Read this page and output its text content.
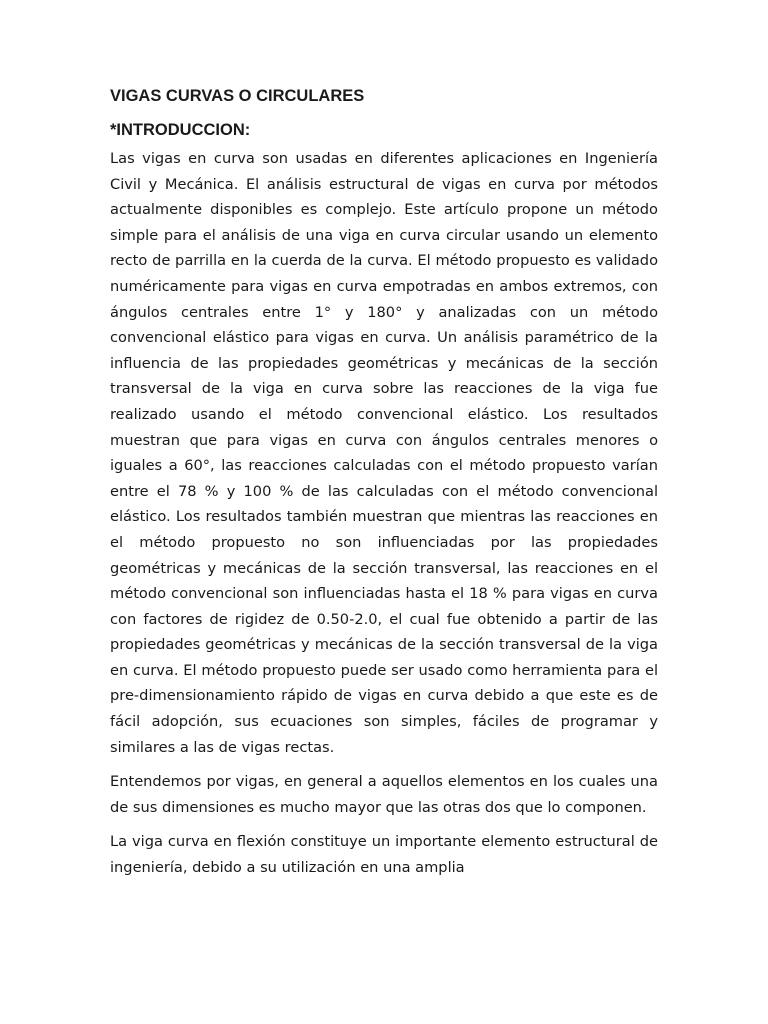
VIGAS CURVAS O CIRCULARES
*INTRODUCCION:

Las vigas en curva son usadas en diferentes aplicaciones en Ingeniería Civil y Mecánica. El análisis estructural de vigas en curva por métodos actualmente disponibles es complejo. Este artículo propone un método simple para el análisis de una viga en curva circular usando un elemento recto de parrilla en la cuerda de la curva. El método propuesto es validado numéricamente para vigas en curva empotradas en ambos extremos, con ángulos centrales entre 1° y 180° y analizadas con un método convencional elástico para vigas en curva. Un análisis paramétrico de la influencia de las propiedades geométricas y mecánicas de la sección transversal de la viga en curva sobre las reacciones de la viga fue realizado usando el método convencional elástico. Los resultados muestran que para vigas en curva con ángulos centrales menores o iguales a 60°, las reacciones calculadas con el método propuesto varían entre el 78 % y 100 % de las calculadas con el método convencional elástico. Los resultados también muestran que mientras las reacciones en el método propuesto no son influenciadas por las propiedades geométricas y mecánicas de la sección transversal, las reacciones en el método convencional son influenciadas hasta el 18 % para vigas en curva con factores de rigidez de 0.50-2.0, el cual fue obtenido a partir de las propiedades geométricas y mecánicas de la sección transversal de la viga en curva. El método propuesto puede ser usado como herramienta para el pre-dimensionamiento rápido de vigas en curva debido a que este es de fácil adopción, sus ecuaciones son simples, fáciles de programar y similares a las de vigas rectas.

Entendemos por vigas, en general a aquellos elementos en los cuales una de sus dimensiones es mucho mayor que las otras dos que lo componen.

La viga curva en flexión constituye un importante elemento estructural de ingeniería, debido a su utilización en una amplia
